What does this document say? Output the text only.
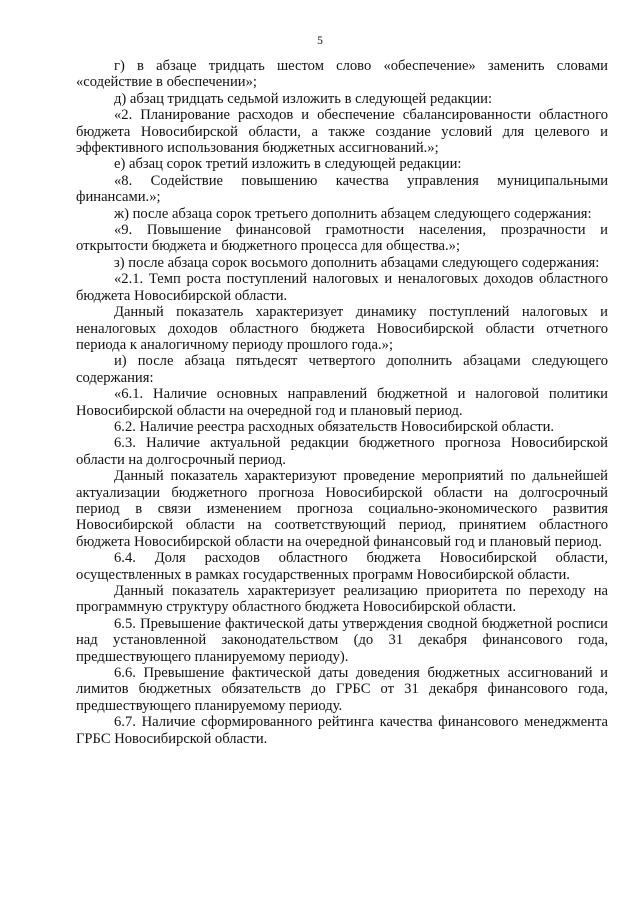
5

г) в абзаце тридцать шестом слово «обеспечение» заменить словами «содействие в обеспечении»;

д) абзац тридцать седьмой изложить в следующей редакции:

«2. Планирование расходов и обеспечение сбалансированности областного бюджета Новосибирской области, а также создание условий для целевого и эффективного использования бюджетных ассигнований.»;

е) абзац сорок третий изложить в следующей редакции:

«8. Содействие повышению качества управления муниципальными финансами.»;

ж) после абзаца сорок третьего дополнить абзацем следующего содержания:

«9. Повышение финансовой грамотности населения, прозрачности и открытости бюджета и бюджетного процесса для общества.»;

з) после абзаца сорок восьмого дополнить абзацами следующего содержания:

«2.1. Темп роста поступлений налоговых и неналоговых доходов областного бюджета Новосибирской области.

Данный показатель характеризует динамику поступлений налоговых и неналоговых доходов областного бюджета Новосибирской области отчетного периода к аналогичному периоду прошлого года.»;

и) после абзаца пятьдесят четвертого дополнить абзацами следующего содержания:

«6.1. Наличие основных направлений бюджетной и налоговой политики Новосибирской области на очередной год и плановый период.

6.2. Наличие реестра расходных обязательств Новосибирской области.

6.3. Наличие актуальной редакции бюджетного прогноза Новосибирской области на долгосрочный период.

Данный показатель характеризуют проведение мероприятий по дальнейшей актуализации бюджетного прогноза Новосибирской области на долгосрочный период в связи изменением прогноза социально-экономического развития Новосибирской области на соответствующий период, принятием областного бюджета Новосибирской области на очередной финансовый год и плановый период.

6.4. Доля расходов областного бюджета Новосибирской области, осуществленных в рамках государственных программ Новосибирской области.

Данный показатель характеризует реализацию приоритета по переходу на программную структуру областного бюджета Новосибирской области.

6.5. Превышение фактической даты утверждения сводной бюджетной росписи над установленной законодательством (до 31 декабря финансового года, предшествующего планируемому периоду).

6.6. Превышение фактической даты доведения бюджетных ассигнований и лимитов бюджетных обязательств до ГРБС от 31 декабря финансового года, предшествующего планируемому периоду.

6.7. Наличие сформированного рейтинга качества финансового менеджмента ГРБС Новосибирской области.
